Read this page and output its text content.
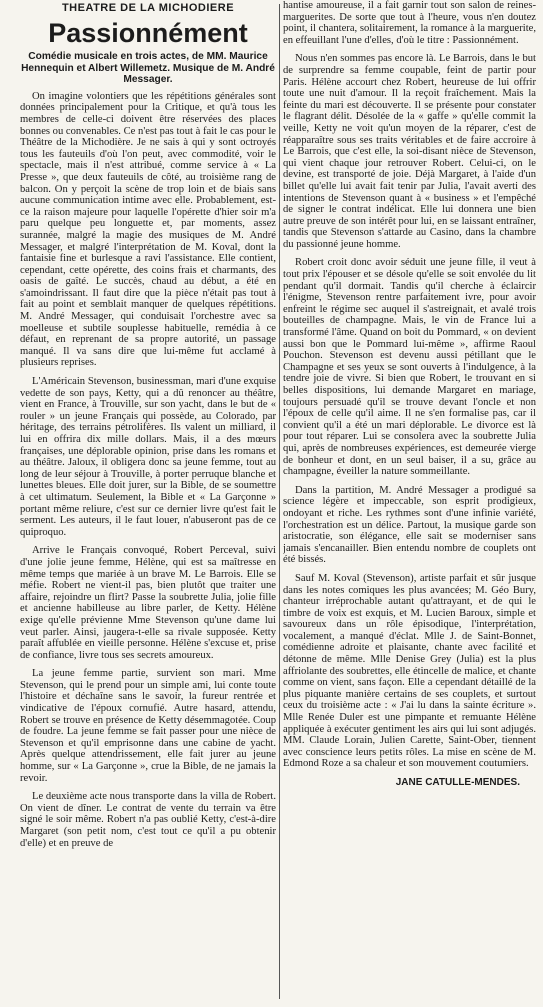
THEATRE DE LA MICHODIERE
Passionnément
Comédie musicale en trois actes, de MM. Maurice Hennequin et Albert Willemetz. Musique de M. André Messager.

On imagine volontiers que les répétitions générales sont données principalement pour la Critique, et qu'à tous les membres de celle-ci doivent être réservées des places bonnes ou convenables. Ce n'est pas tout à fait le cas pour le Théâtre de la Michodière. Je ne sais à qui y sont octroyés tous les fauteuils d'où l'on peut, avec commodité, voir le spectacle, mais il n'est attribué, comme service à « La Presse », que deux fauteuils de côté, au troisième rang de balcon. On y perçoit la scène de trop loin et de biais sans aucune communication intime avec elle. Probablement, est-ce la raison majeure pour laquelle l'opérette d'hier soir m'a paru quelque peu longuette et, par moments, assez surannée, malgré la magie des musiques de M. André Messager, et malgré l'interprétation de M. Koval, dont la fantaisie fine et burlesque a ravi l'assistance. Elle contient, cependant, cette opérette, des coins frais et charmants, des oasis de gaîté. Le succès, chaud au début, a été en s'amoindrissant. Il faut dire que la pièce n'était pas tout à fait au point et semblait manquer de quelques répétitions. M. André Messager, qui conduisait l'orchestre avec sa moelleuse et subtile souplesse habituelle, remédia à ce défaut, en reprenant de sa propre autorité, un passage manqué. Il va sans dire que lui-même fut acclamé à plusieurs reprises.

L'Américain Stevenson, businessman, mari d'une exquise vedette de son pays, Ketty, qui a dû renoncer au théâtre, vient en France, à Trouville, sur son yacht, dans le but de « rouler » un jeune Français qui possède, au Colorado, par héritage, des terrains pétrolifères. Ils valent un milliard, il lui en offrira dix mille dollars. Mais, il a des mœurs françaises, une déplorable opinion, prise dans les romans et au théâtre. Jaloux, il obligera donc sa jeune femme, tout au long de leur séjour à Trouville, à porter perruque blanche et lunettes bleues. Elle doit jurer, sur la Bible, de se soumettre à cet ultimatum. Seulement, la Bible et « La Garçonne » portant même reliure, c'est sur ce dernier livre qu'est fait le serment. Les auteurs, il le faut louer, n'abuseront pas de ce quiproquo.

Arrive le Français convoqué, Robert Perceval, suivi d'une jolie jeune femme, Hélène, qui est sa maîtresse en même temps que mariée à un brave M. Le Barrois. Elle se méfie. Robert ne vient-il pas, bien plutôt que traiter une affaire, rejoindre un flirt? Passe la soubrette Julia, jolie fille et ancienne habilleuse au libre parler, de Ketty. Hélène exige qu'elle prévienne Mme Stevenson qu'une dame lui veut parler. Ainsi, jaugera-t-elle sa rivale supposée. Ketty paraît affublée en vieille personne. Hélène s'excuse et, prise de confiance, livre tous ses secrets amoureux.

La jeune femme partie, survient son mari. Mme Stevenson, qui le prend pour un simple ami, lui conte toute l'histoire et déchaîne sans le savoir, la fureur rentrée et vindicative de l'époux cornufié. Autre hasard, attendu, Robert se trouve en présence de Ketty désemmagotée. Coup de foudre. La jeune femme se fait passer pour une nièce de Stevenson et qu'il emprisonne dans une cabine de yacht. Après quelque attendrissement, elle fait jurer au jeune homme, sur « La Garçonne », crue la Bible, de ne jamais la revoir.

Le deuxième acte nous transporte dans la villa de Robert. On vient de dîner. Le contrat de vente du terrain va être signé le soir même. Robert n'a pas oublié Ketty, c'est-à-dire Margaret (son petit nom, c'est tout ce qu'il a pu obtenir d'elle) et en preuve de

hantise amoureuse, il a fait garnir tout son salon de reines-marguerites. De sorte que tout à l'heure, vous n'en doutez point, il chantera, solitairement, la romance à la marguerite, en effeuillant l'une d'elles, d'où le titre : Passionnément.

Nous n'en sommes pas encore là. Le Barrois, dans le but de surprendre sa femme coupable, feint de partir pour Paris. Hélène accourt chez Robert, heureuse de lui offrir toute une nuit d'amour. Il la reçoit fraîchement. Mais la feinte du mari est découverte. Il se présente pour constater le flagrant délit. Désolée de la « gaffe » qu'elle commit la veille, Ketty ne voit qu'un moyen de la réparer, c'est de réapparaître sous ses traits véritables et de faire accroire à Le Barrois, que c'est elle, la soi-disant nièce de Stevenson, qui vient chaque jour retrouver Robert. Celui-ci, on le devine, est transporté de joie. Déjà Margaret, à l'aide d'un billet qu'elle lui avait fait tenir par Julia, l'avait averti des intentions de Stevenson quant à « business » et l'empêché de signer le contrat indélicat. Elle lui donnera une bien autre preuve de son intérêt pour lui, en se laissant entraîner, tandis que Stevenson s'attarde au Casino, dans la chambre du passionné jeune homme.

Robert croit donc avoir séduit une jeune fille, il veut à tout prix l'épouser et se désole qu'elle se soit envolée du lit pendant qu'il dormait. Tandis qu'il cherche à éclaircir l'énigme, Stevenson rentre parfaitement ivre, pour avoir enfreint le régime sec auquel il s'astreignait, et avalé trois bouteilles de champagne. Mais, le vin de France lui a transformé l'âme. Quand on boit du Pommard, « on devient aussi bon que le Pommard lui-même », affirme Raoul Pouchon. Stevenson est devenu aussi pétillant que le Champagne et ses yeux se sont ouverts à l'indulgence, à la tendre joie de vivre. Si bien que Robert, le trouvant en si belles dispositions, lui demande Margaret en mariage, toujours persuadé qu'il se trouve devant l'oncle et non l'époux de celle qu'il aime. Il ne s'en formalise pas, car il convient qu'il a été un mari déplorable. Le divorce est là pour tout réparer. Lui se consolera avec la soubrette Julia qui, après de nombreuses expériences, est demeurée vierge de bonheur et dont, en un seul baiser, il a su, grâce au champagne, éveiller la nature sommeillante.

Dans la partition, M. André Messager a prodigué sa science légère et impeccable, son esprit prodigieux, ondoyant et riche. Les rythmes sont d'une infinie variété, l'orchestration est un délice. Partout, la musique garde son aristocratie, son élégance, elle sait se moderniser sans jamais s'encanailler. Bien entendu nombre de couplets ont été bissés.

Sauf M. Koval (Stevenson), artiste parfait et sûr jusque dans les notes comiques les plus avancées; M. Géo Bury, chanteur irréprochable autant qu'attrayant, et de qui le timbre de voix est exquis, et M. Lucien Baroux, simple et savoureux dans un rôle épisodique, l'interprétation, vocalement, a manqué d'éclat. Mlle J. de Saint-Bonnet, comédienne adroite et plaisante, chante avec facilité et détonne de même. Mlle Denise Grey (Julia) est la plus affriolante des soubrettes, elle étincelle de malice, et chante comme on vient, sans façon. Elle a cependant détaillé de la plus piquante manière certains de ses couplets, et surtout ceux du troisième acte : « J'ai lu dans la sainte écriture ». Mlle Renée Duler est une pimpante et remuante Hélène appliquée à exécuter gentiment les airs qui lui sont adjugés. MM. Claude Lorain, Julien Carette, Saint-Ober, tiennent avec conscience leurs petits rôles. La mise en scène de M. Edmond Roze a sa chaleur et son mouvement coutumiers.

JANE CATULLE-MENDES.
